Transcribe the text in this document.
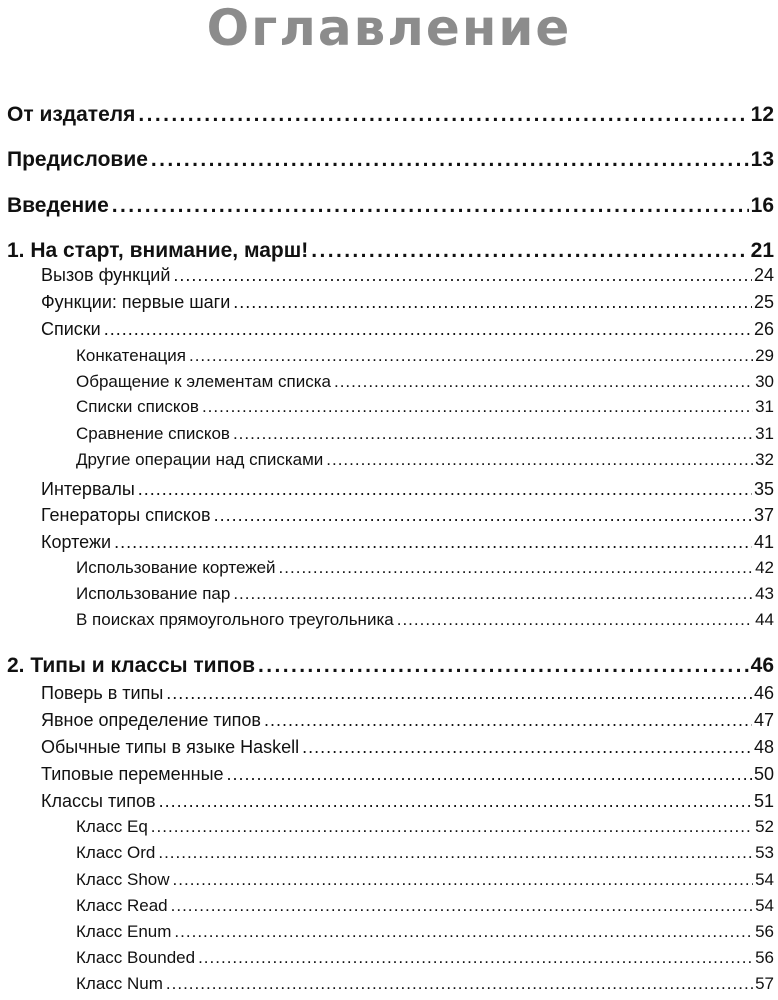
Оглавление
От издателя .....	12
Предисловие .....	13
Введение .....	16
1. На старт, внимание, марш! .....	21
Вызов функций .....	24
Функции: первые шаги .....	25
Списки .....	26
Конкатенация .....	29
Обращение к элементам списка .....	30
Списки списков .....	31
Сравнение списков .....	31
Другие операции над списками .....	32
Интервалы .....	35
Генераторы списков .....	37
Кортежи .....	41
Использование кортежей .....	42
Использование пар .....	43
В поисках прямоугольного треугольника .....	44
2. Типы и классы типов .....	46
Поверь в типы .....	46
Явное определение типов .....	47
Обычные типы в языке Haskell .....	48
Типовые переменные .....	50
Классы типов .....	51
Класс Eq .....	52
Класс Ord .....	53
Класс Show .....	54
Класс Read .....	54
Класс Enum .....	56
Класс Bounded .....	56
Класс Num .....	57
